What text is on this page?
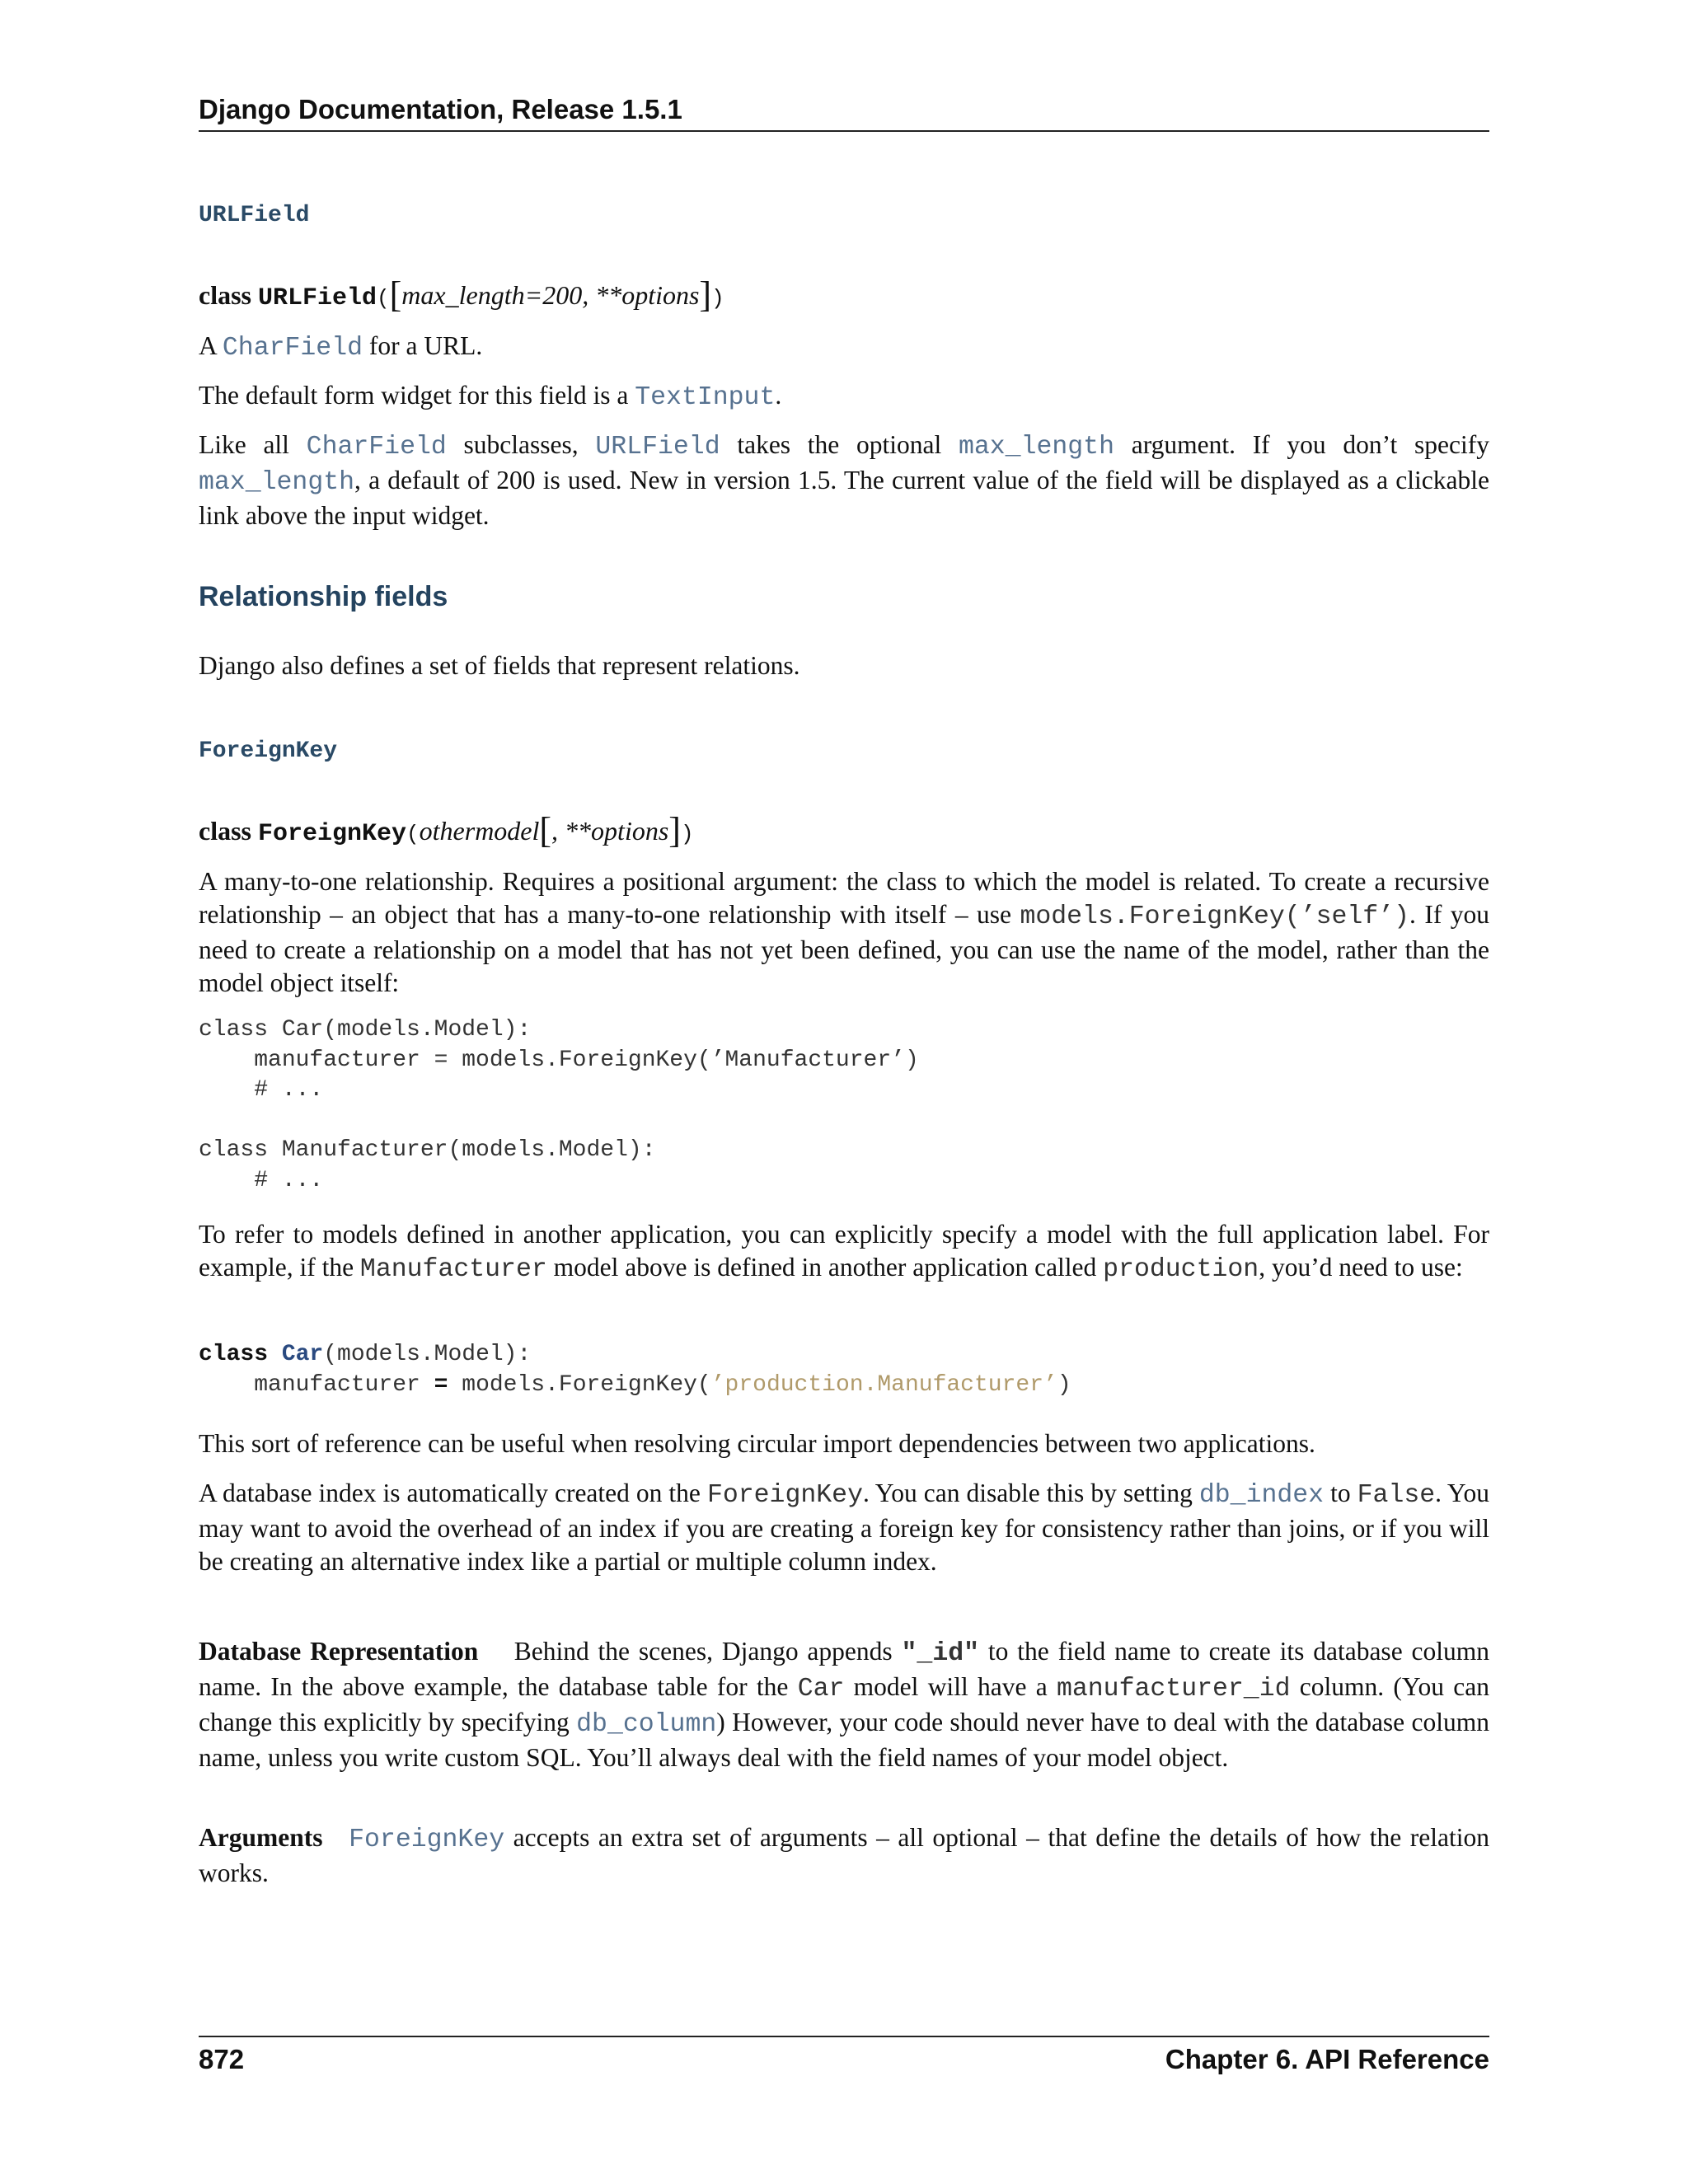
Django Documentation, Release 1.5.1
URLField
class URLField([max_length=200, **options])
A CharField for a URL.
The default form widget for this field is a TextInput.
Like all CharField subclasses, URLField takes the optional max_length argument. If you don’t specify max_length, a default of 200 is used. New in version 1.5. The current value of the field will be displayed as a clickable link above the input widget.
Relationship fields
Django also defines a set of fields that represent relations.
ForeignKey
class ForeignKey(othermodel[, **options])
A many-to-one relationship. Requires a positional argument: the class to which the model is related. To create a recursive relationship – an object that has a many-to-one relationship with itself – use models.ForeignKey(’self’). If you need to create a relationship on a model that has not yet been defined, you can use the name of the model, rather than the model object itself:
class Car(models.Model):
manufacturer = models.ForeignKey(’Manufacturer’)
# ...

class Manufacturer(models.Model):
# ...
To refer to models defined in another application, you can explicitly specify a model with the full application label. For example, if the Manufacturer model above is defined in another application called production, you’d need to use:
class Car(models.Model):
manufacturer = models.ForeignKey(’production.Manufacturer’)
This sort of reference can be useful when resolving circular import dependencies between two applications.
A database index is automatically created on the ForeignKey. You can disable this by setting db_index to False. You may want to avoid the overhead of an index if you are creating a foreign key for consistency rather than joins, or if you will be creating an alternative index like a partial or multiple column index.
Database Representation Behind the scenes, Django appends "_id" to the field name to create its database column name. In the above example, the database table for the Car model will have a manufacturer_id column. (You can change this explicitly by specifying db_column) However, your code should never have to deal with the database column name, unless you write custom SQL. You’ll always deal with the field names of your model object.
Arguments ForeignKey accepts an extra set of arguments – all optional – that define the details of how the relation works.
872	Chapter 6. API Reference
